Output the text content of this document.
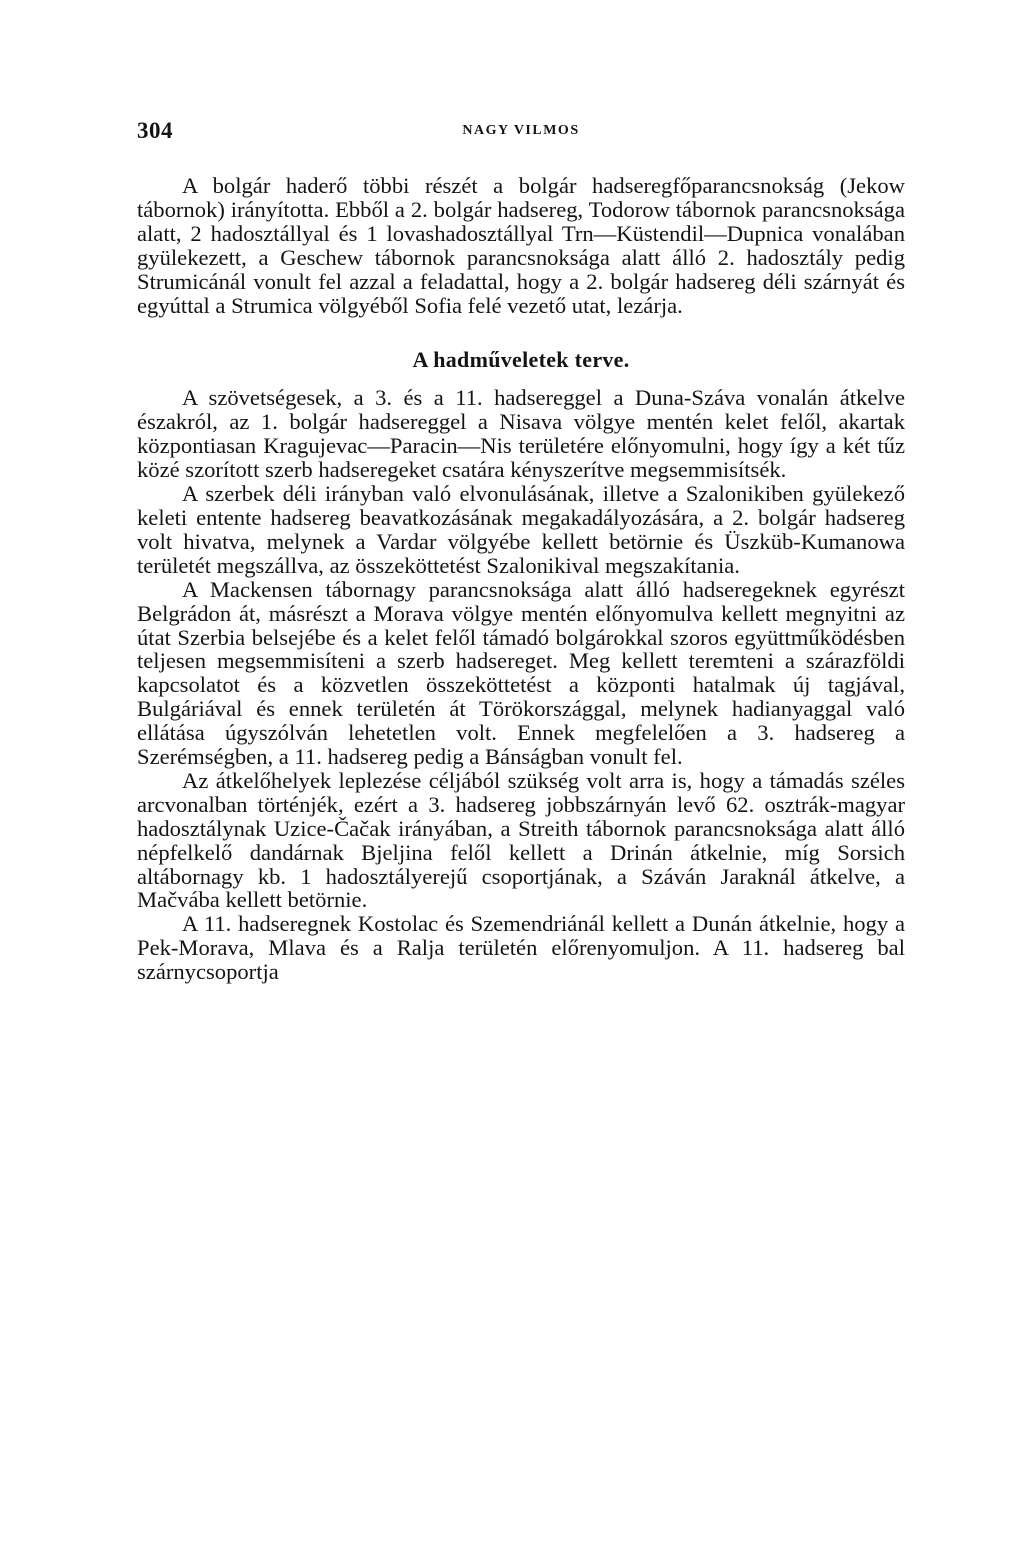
304	NAGY VILMOS

A bolgár haderő többi részét a bolgár hadseregfőparancsnokság (Jekow tábornok) irányította. Ebből a 2. bolgár hadsereg, Todorow tábornok parancsnoksága alatt, 2 hadosztállyal és 1 lovashadosztállyal Trn—Küstendil—Dupnica vonalában gyülekezett, a Geschew tábornok parancsnoksága alatt álló 2. hadosztály pedig Strumicánál vonult fel azzal a feladattal, hogy a 2. bolgár hadsereg déli szárnyát és egyúttal a Strumica völgyéből Sofia felé vezető utat, lezárja.

A hadműveletek terve.

A szövetségesek, a 3. és a 11. hadsereggel a Duna-Száva vonalán átkelve északról, az 1. bolgár hadsereggel a Nisava völgye mentén kelet felől, akartak központiasan Kragujevac—Paracin—Nis területére előnyomulni, hogy így a két tűz közé szorított szerb hadseregeket csatára kényszerítve megsemmisítsék.

A szerbek déli irányban való elvonulásának, illetve a Szalonikiben gyülekező keleti entente hadsereg beavatkozásának megakadályozására, a 2. bolgár hadsereg volt hivatva, melynek a Vardar völgyébe kellett betörnie és Üszküb-Kumanowa területét megszállva, az összeköttetést Szalonikival megszakítania.

A Mackensen tábornagy parancsnoksága alatt álló hadseregeknek egyrészt Belgrádon át, másrészt a Morava völgye mentén előnyomulva kellett megnyitni az útat Szerbia belsejébe és a kelet felől támadó bolgárokkal szoros együttműködésben teljesen megsemmisíteni a szerb hadsereget. Meg kellett teremteni a szárazföldi kapcsolatot és a közvetlen összeköttetést a központi hatalmak új tagjával, Bulgáriával és ennek területén át Törökországgal, melynek hadianyaggal való ellátása úgyszólván lehetetlen volt. Ennek megfelelően a 3. hadsereg a Szerémségben, a 11. hadsereg pedig a Bánságban vonult fel.

Az átkelőhelyek leplezése céljából szükség volt arra is, hogy a támadás széles arcvonalban történjék, ezért a 3. hadsereg jobbszárnyán levő 62. osztrák-magyar hadosztálynak Uzice-Čačak irányában, a Streith tábornok parancsnoksága alatt álló népfelkelő dandárnak Bjeljina felől kellett a Drinán átkelnie, míg Sorsich altábornagy kb. 1 hadosztályerejű csoportjának, a Száván Jaraknál átkelve, a Mačvába kellett betörnie.

A 11. hadseregnek Kostolac és Szemendriánál kellett a Dunán átkelnie, hogy a Pek-Morava, Mlava és a Ralja területén előrenyomuljon. A 11. hadsereg bal szárnycsoportja
